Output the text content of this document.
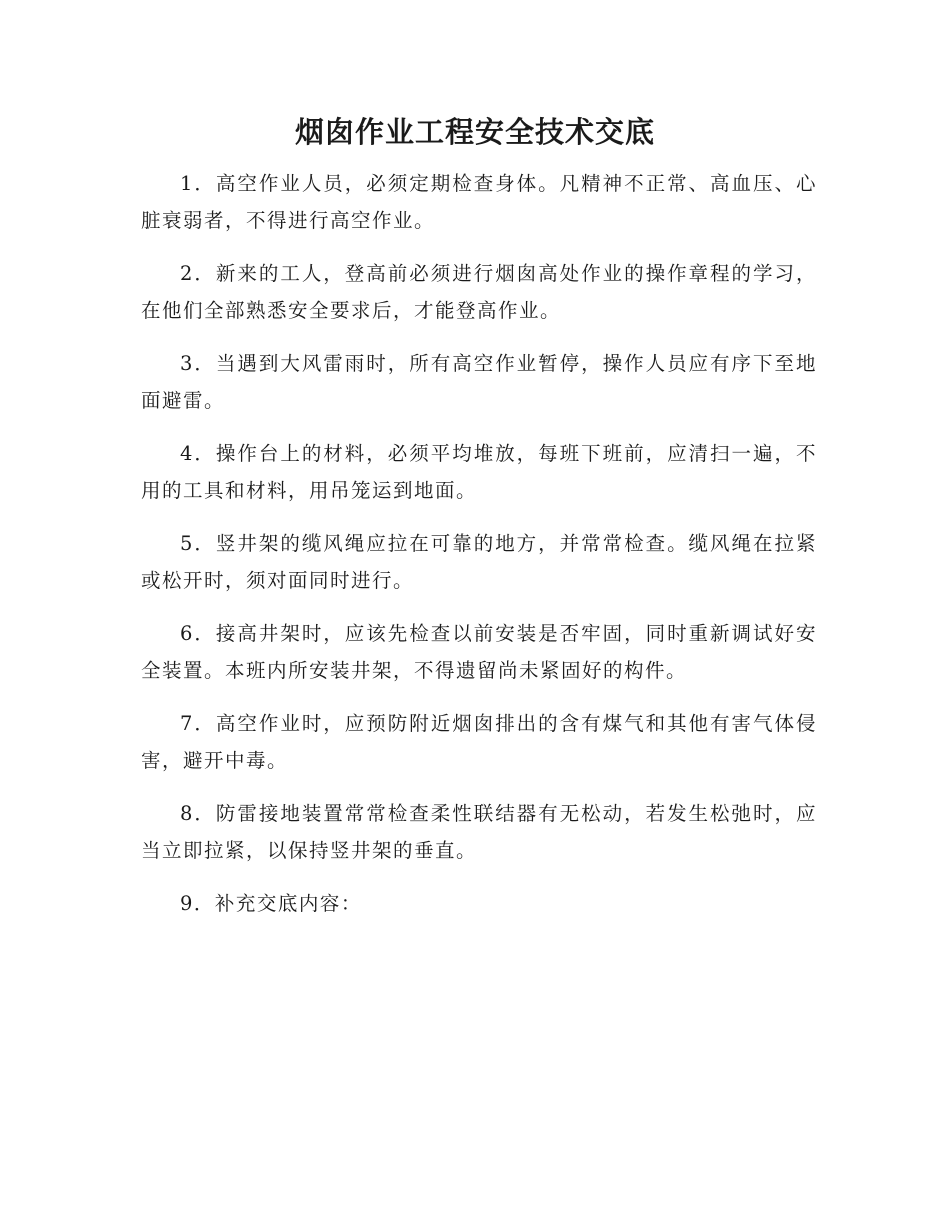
烟囱作业工程安全技术交底

1．高空作业人员，必须定期检查身体。凡精神不正常、高血压、心脏衰弱者，不得进行高空作业。

2．新来的工人，登高前必须进行烟囱高处作业的操作章程的学习，在他们全部熟悉安全要求后，才能登高作业。

3．当遇到大风雷雨时，所有高空作业暂停，操作人员应有序下至地面避雷。

4．操作台上的材料，必须平均堆放，每班下班前，应清扫一遍，不用的工具和材料，用吊笼运到地面。

5．竖井架的缆风绳应拉在可靠的地方，并常常检查。缆风绳在拉紧或松开时，须对面同时进行。

6．接高井架时，应该先检查以前安装是否牢固，同时重新调试好安全装置。本班内所安装井架，不得遗留尚未紧固好的构件。

7．高空作业时，应预防附近烟囱排出的含有煤气和其他有害气体侵害，避开中毒。

8．防雷接地装置常常检查柔性联结器有无松动，若发生松弛时，应当立即拉紧，以保持竖井架的垂直。

9．补充交底内容：
